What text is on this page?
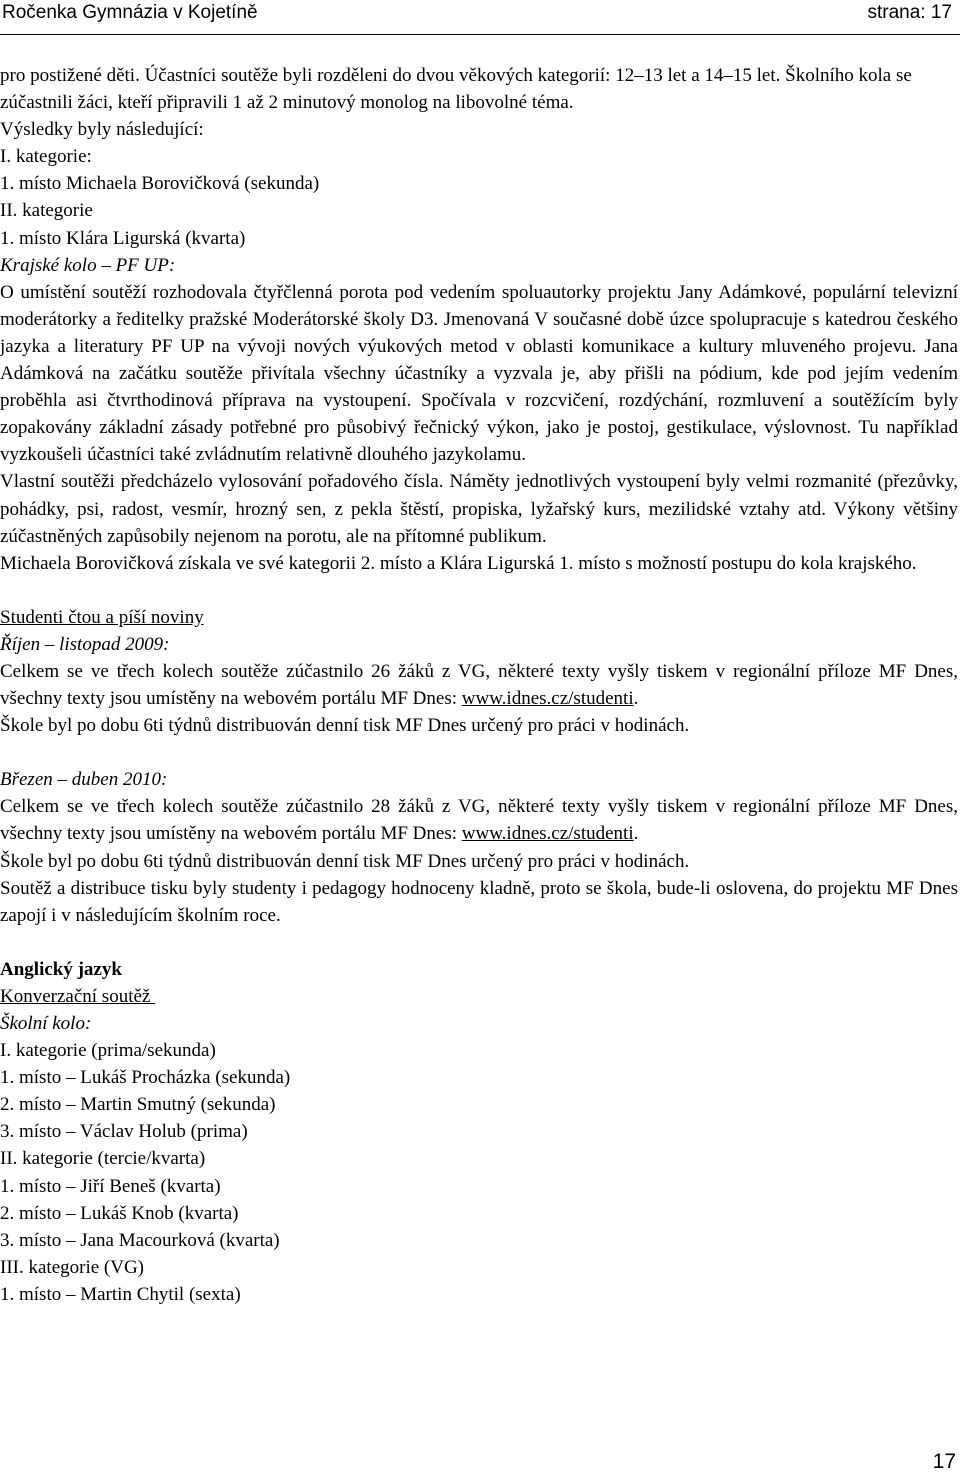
Ročenka Gymnázia v Kojetíně	strana: 17

pro postižené děti. Účastníci soutěže byli rozděleni do dvou věkových kategorií: 12–13 let a 14–15 let. Školního kola se zúčastnili žáci, kteří připravili 1 až 2 minutový monolog na libovolné téma.

Výsledky byly následující:

I. kategorie:

1. místo Michaela Borovičková (sekunda)

II. kategorie

1. místo Klára Ligurská (kvarta)

Krajské kolo – PF UP:

O umístění soutěží rozhodovala čtyřčlenná porota pod vedením spoluautorky projektu Jany Adámkové, populární televizní moderátorky a ředitelky pražské Moderátorské školy D3. Jmenovaná V současné době úzce spolupracuje s katedrou českého jazyka a literatury PF UP na vývoji nových výukových metod v oblasti komunikace a kultury mluveného projevu. Jana Adámková na začátku soutěže přivítala všechny účastníky a vyzvala je, aby přišli na pódium, kde pod jejím vedením proběhla asi čtvrthodinová příprava na vystoupení. Spočívala v rozcvičení, rozdýchání, rozmluvení a soutěžícím byly zopakovány základní zásady potřebné pro působivý řečnický výkon, jako je postoj, gestikulace, výslovnost. Tu například vyzkoušeli účastníci také zvládnutím relativně dlouhého jazykolamu.

Vlastní soutěži předcházelo vylosování pořadového čísla. Náměty jednotlivých vystoupení byly velmi rozmanité (přezůvky, pohádky, psi, radost, vesmír, hrozný sen, z pekla štěstí, propiska, lyžařský kurs, mezilidské vztahy atd. Výkony většiny zúčastněných zapůsobily nejenom na porotu, ale na přítomné publikum.

Michaela Borovičková získala ve své kategorii 2. místo a Klára Ligurská 1. místo s možností postupu do kola krajského.

Studenti čtou a píší noviny

Říjen – listopad 2009:

Celkem se ve třech kolech soutěže zúčastnilo 26 žáků z VG, některé texty vyšly tiskem v regionální příloze MF Dnes, všechny texty jsou umístěny na webovém portálu MF Dnes: www.idnes.cz/studenti.

Škole byl po dobu 6ti týdnů distribuován denní tisk MF Dnes určený pro práci v hodinách.

Březen – duben 2010:

Celkem se ve třech kolech soutěže zúčastnilo 28 žáků z VG, některé texty vyšly tiskem v regionální příloze MF Dnes, všechny texty jsou umístěny na webovém portálu MF Dnes: www.idnes.cz/studenti.

Škole byl po dobu 6ti týdnů distribuován denní tisk MF Dnes určený pro práci v hodinách.

Soutěž a distribuce tisku byly studenty i pedagogy hodnoceny kladně, proto se škola, bude-li oslovena, do projektu MF Dnes zapojí i v následujícím školním roce.

Anglický jazyk

Konverzační soutěž

Školní kolo:

I. kategorie (prima/sekunda)

1. místo – Lukáš Procházka (sekunda)

2. místo – Martin Smutný (sekunda)

3. místo – Václav Holub (prima)

II. kategorie (tercie/kvarta)

1. místo – Jiří Beneš (kvarta)

2. místo – Lukáš Knob (kvarta)

3. místo – Jana Macourková (kvarta)

III. kategorie (VG)

1. místo – Martin Chytil (sexta)

17
